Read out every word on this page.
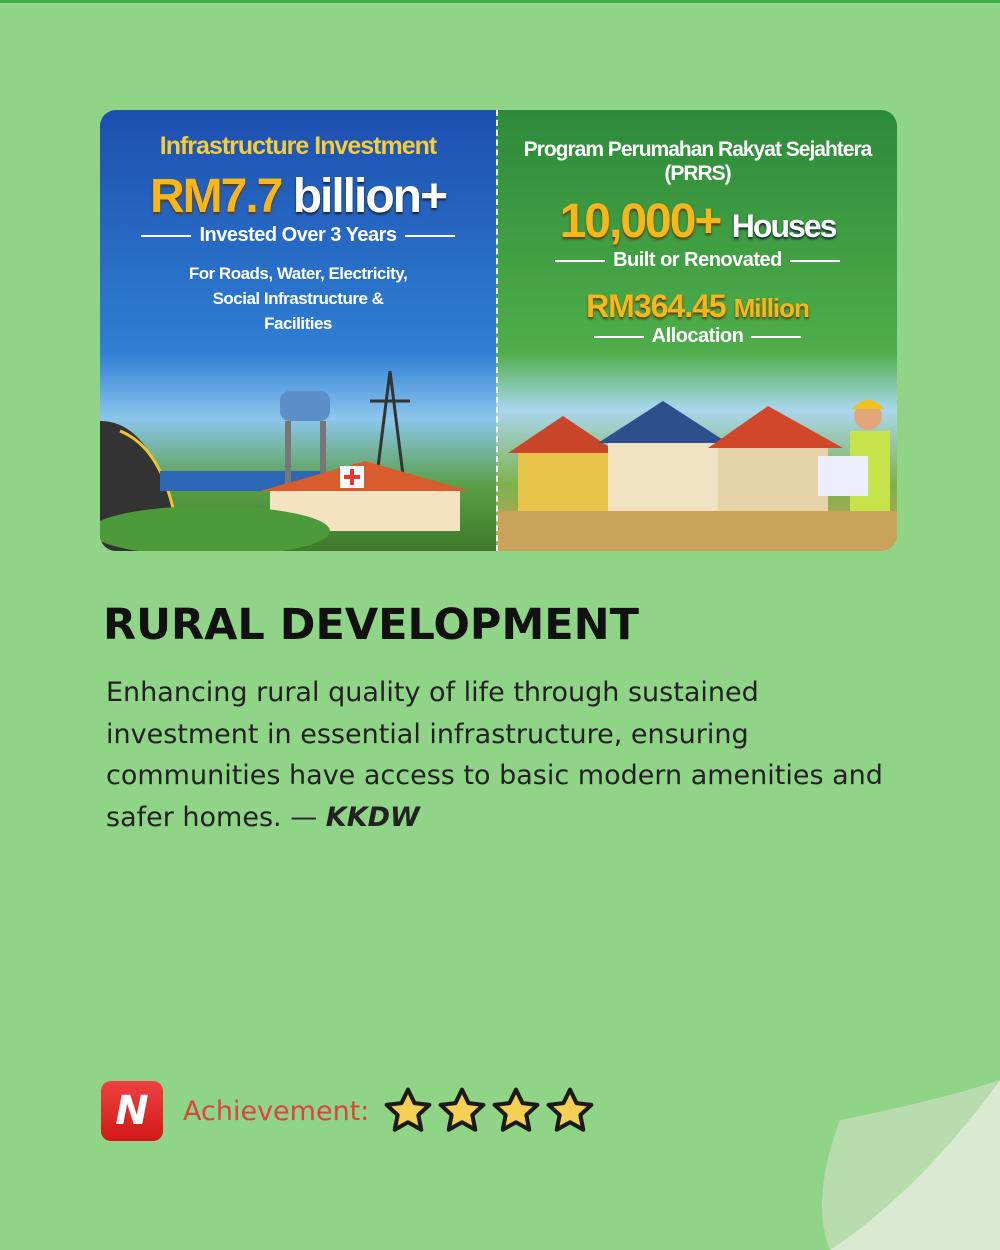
Infrastructure Investment
RM7.7 billion+
Invested Over 3 Years
For Roads, Water, Electricity, Social Infrastructure & Facilities
Program Perumahan Rakyat Sejahtera (PRRS)
10,000+ Houses
Built or Renovated
RM364.45 Million
Allocation
RURAL DEVELOPMENT

Enhancing rural quality of life through sustained investment in essential infrastructure, ensuring communities have access to basic modern amenities and safer homes. — KKDW

N	Achievement:
